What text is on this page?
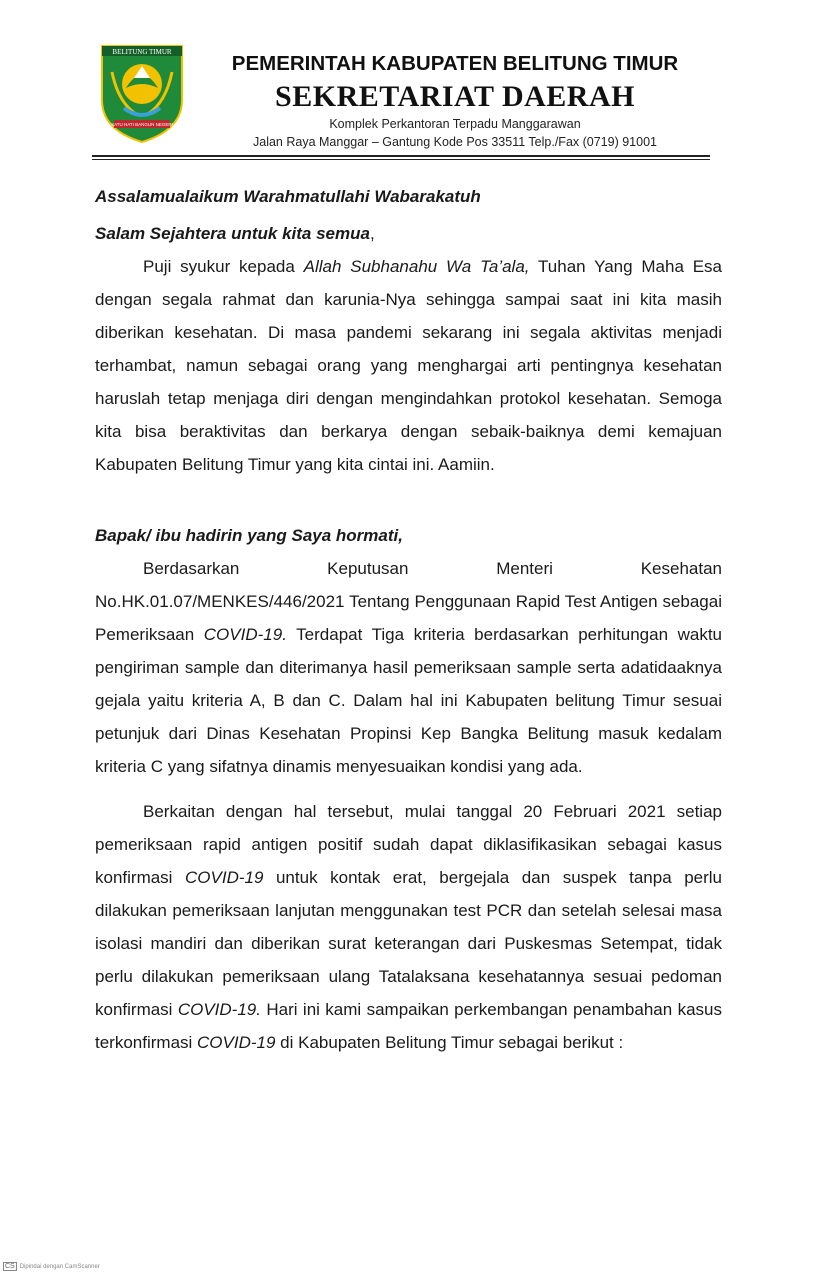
BELITUNG TIMUR
SATU HATI BANGUN NEGERI
PEMERINTAH KABUPATEN BELITUNG TIMUR
SEKRETARIAT DAERAH
Komplek Perkantoran Terpadu Manggarawan
Jalan Raya Manggar – Gantung Kode Pos 33511 Telp./Fax (0719) 91001

Assalamualaikum Warahmatullahi Wabarakatuh

Salam Sejahtera untuk kita semua,

Puji syukur kepada Allah Subhanahu Wa Ta’ala, Tuhan Yang Maha Esa dengan segala rahmat dan karunia-Nya sehingga sampai saat ini kita masih diberikan kesehatan. Di masa pandemi sekarang ini segala aktivitas menjadi terhambat, namun sebagai orang yang menghargai arti pentingnya kesehatan haruslah tetap menjaga diri dengan mengindahkan protokol kesehatan. Semoga kita bisa beraktivitas dan berkarya dengan sebaik-baiknya demi kemajuan Kabupaten Belitung Timur yang kita cintai ini. Aamiin.

Bapak/ ibu hadirin yang Saya hormati,

Berdasarkan Keputusan Menteri Kesehatan No.HK.01.07/MENKES/446/2021 Tentang Penggunaan Rapid Test Antigen sebagai Pemeriksaan COVID-19. Terdapat Tiga kriteria berdasarkan perhitungan waktu pengiriman sample dan diterimanya hasil pemeriksaan sample serta adatidaaknya gejala yaitu kriteria A, B dan C. Dalam hal ini Kabupaten belitung Timur sesuai petunjuk dari Dinas Kesehatan Propinsi Kep Bangka Belitung masuk kedalam kriteria C yang sifatnya dinamis menyesuaikan kondisi yang ada.

Berkaitan dengan hal tersebut, mulai tanggal 20 Februari 2021 setiap pemeriksaan rapid antigen positif sudah dapat diklasifikasikan sebagai kasus konfirmasi COVID-19 untuk kontak erat, bergejala dan suspek tanpa perlu dilakukan pemeriksaan lanjutan menggunakan test PCR dan setelah selesai masa isolasi mandiri dan diberikan surat keterangan dari Puskesmas Setempat, tidak perlu dilakukan pemeriksaan ulang Tatalaksana kesehatannya sesuai pedoman konfirmasi COVID-19. Hari ini kami sampaikan perkembangan penambahan kasus terkonfirmasi COVID-19 di Kabupaten Belitung Timur sebagai berikut :

CS Dipindai dengan CamScanner
